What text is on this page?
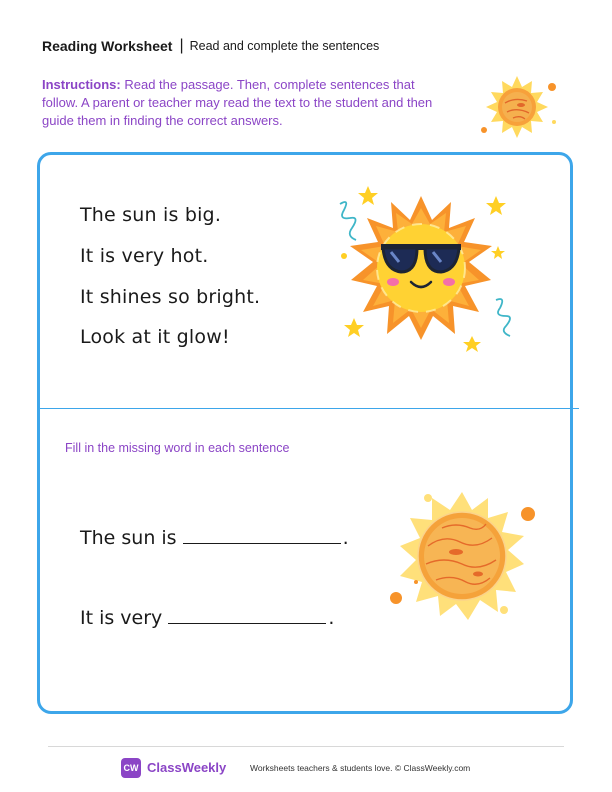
Reading Worksheet | Read and complete the sentences
Instructions: Read the passage. Then, complete sentences that follow. A parent or teacher may read the text to the student and then guide them in finding the correct answers.
The sun is big.
It is very hot.
It shines so bright.
Look at it glow!
Fill in the missing word in each sentence
The sun is	.
It is very	.
CW ClassWeekly	Worksheets teachers & students love. © ClassWeekly.com
